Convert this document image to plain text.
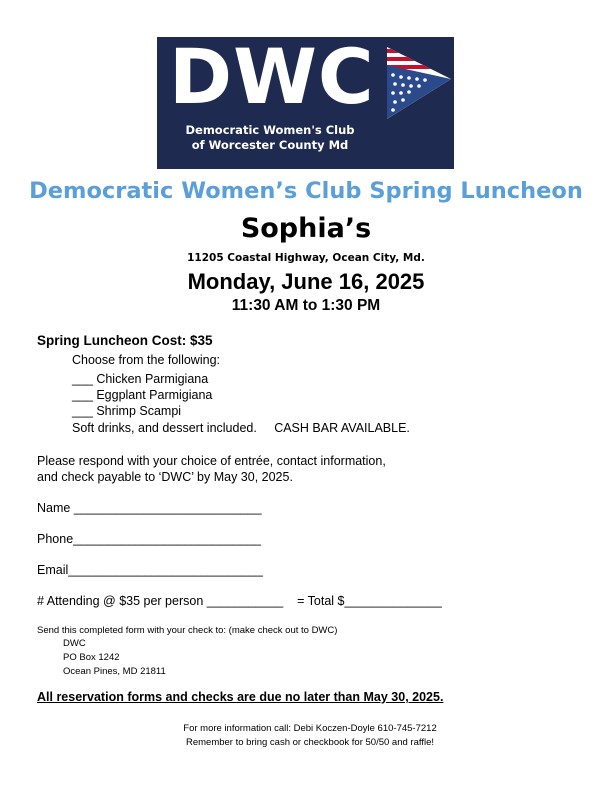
DWC
Democratic Women's Club
of Worcester County Md
Democratic Women’s Club Spring Luncheon
Sophia’s
11205 Coastal Highway, Ocean City, Md.
Monday, June 16, 2025
11:30 AM to 1:30 PM
Spring Luncheon Cost: $35
Choose from the following:
___ Chicken Parmigiana
___ Eggplant Parmigiana
___ Shrimp Scampi
Soft drinks, and dessert included.     CASH BAR AVAILABLE.
Please respond with your choice of entrée, contact information,
and check payable to ‘DWC’ by May 30, 2025.
Name ___________________________
Phone___________________________
Email____________________________
# Attending @ $35 per person ___________    = Total $______________
Send this completed form with your check to: (make check out to DWC)
DWC
PO Box 1242
Ocean Pines, MD 21811
All reservation forms and checks are due no later than May 30, 2025.
For more information call: Debi Koczen-Doyle 610-745-7212
Remember to bring cash or checkbook for 50/50 and raffle!
